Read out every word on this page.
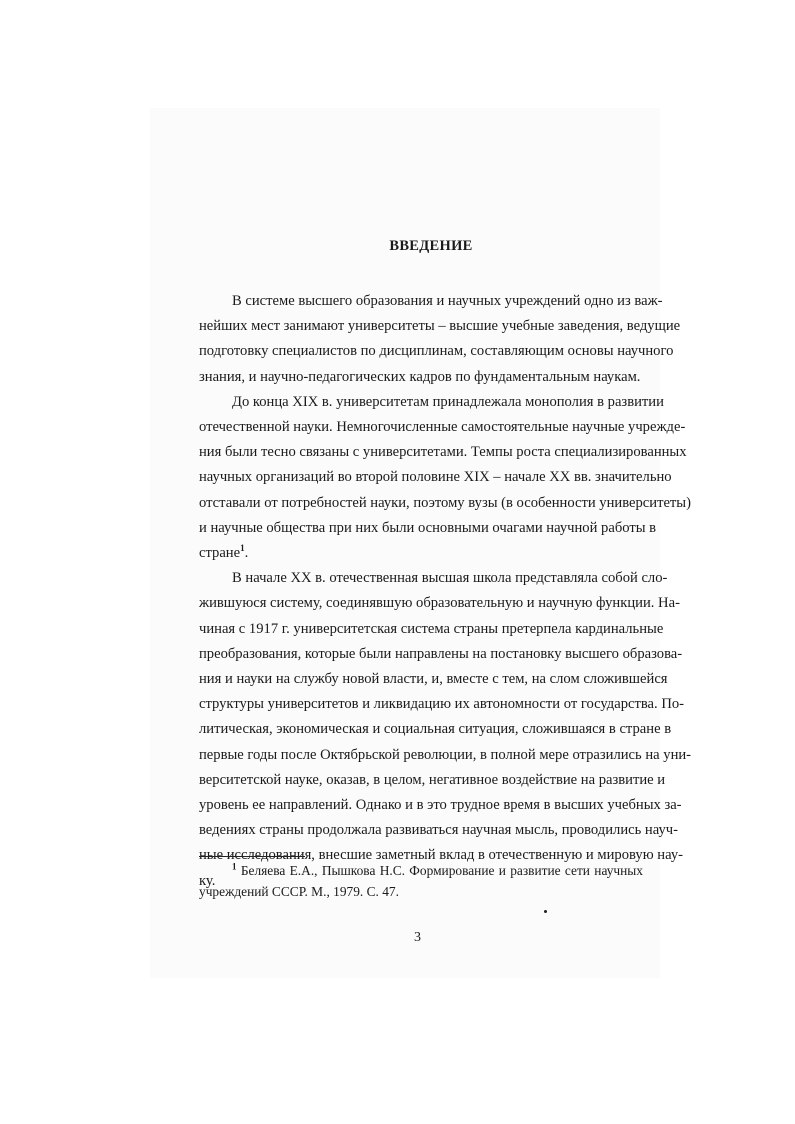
ВВЕДЕНИЕ

В системе высшего образования и научных учреждений одно из важ-
нейших мест занимают университеты – высшие учебные заведения, ведущие
подготовку специалистов по дисциплинам, составляющим основы научного
знания, и научно-педагогических кадров по фундаментальным наукам.

До конца XIX в. университетам принадлежала монополия в развитии
отечественной науки. Немногочисленные самостоятельные научные учрежде-
ния были тесно связаны с университетами. Темпы роста специализированных
научных организаций во второй половине XIX – начале XX вв. значительно
отставали от потребностей науки, поэтому вузы (в особенности университеты)
и научные общества при них были основными очагами научной работы в
стране$^1$.

В начале XX в. отечественная высшая школа представляла собой сло-
жившуюся систему, соединявшую образовательную и научную функции. На-
чиная с 1917 г. университетская система страны претерпела кардинальные
преобразования, которые были направлены на постановку высшего образова-
ния и науки на службу новой власти, и, вместе с тем, на слом сложившейся
структуры университетов и ликвидацию их автономности от государства. По-
литическая, экономическая и социальная ситуация, сложившаяся в стране в
первые годы после Октябрьской революции, в полной мере отразились на уни-
верситетской науке, оказав, в целом, негативное воздействие на развитие и
уровень ее направлений. Однако и в это трудное время в высших учебных за-
ведениях страны продолжала развиваться научная мысль, проводились науч-
ные исследования, внесшие заметный вклад в отечественную и мировую нау-
ку.

$^1$ Беляева Е.А., Пышкова Н.С. Формирование и развитие сети научных
учреждений СССР. М., 1979. С. 47.
3
